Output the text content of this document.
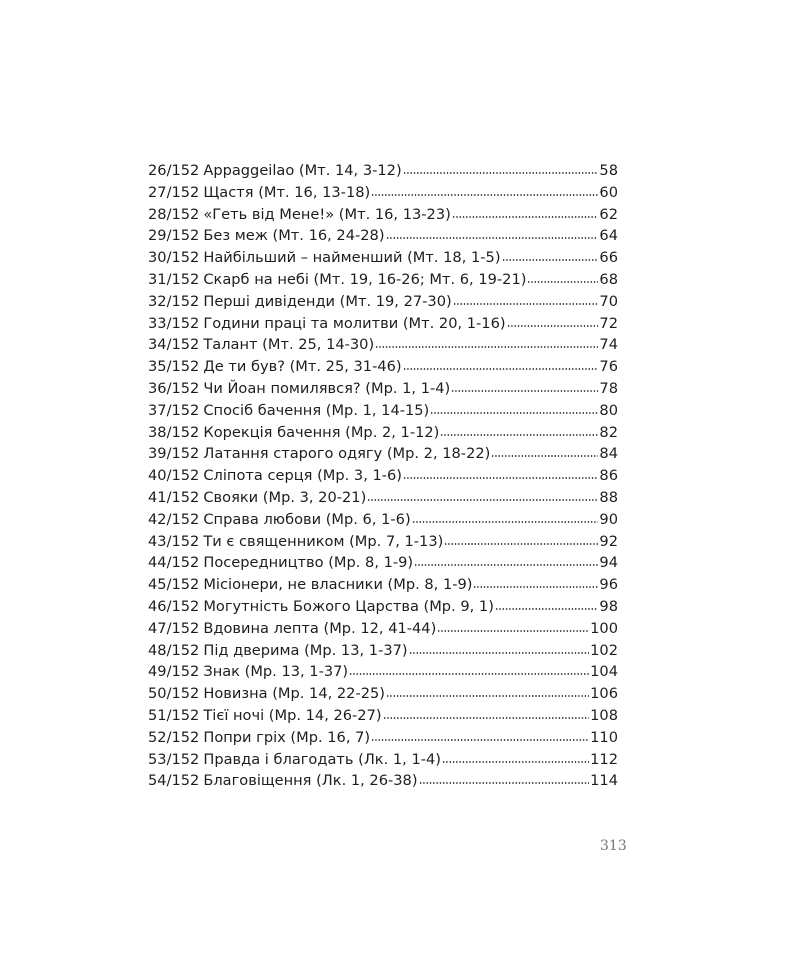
26/152 Appaggeilao (Мт. 14, 3-12)	58
27/152 Щастя (Мт. 16, 13-18)	60
28/152 «Геть від Мене!» (Мт. 16, 13-23)	62
29/152 Без меж (Мт. 16, 24-28)	64
30/152 Найбільший – найменший (Мт. 18, 1-5)	66
31/152 Скарб на небі (Мт. 19, 16-26; Мт. 6, 19-21)	68
32/152 Перші дивіденди (Мт. 19, 27-30)	70
33/152 Години праці та молитви (Мт. 20, 1-16)	72
34/152 Талант (Мт. 25, 14-30)	74
35/152 Де ти був? (Мт. 25, 31-46)	76
36/152 Чи Йоан помилявся? (Мр. 1, 1-4)	78
37/152 Спосіб бачення (Мр. 1, 14-15)	80
38/152 Корекція бачення (Мр. 2, 1-12)	82
39/152 Латання старого одягу (Мр. 2, 18-22)	84
40/152 Сліпота серця (Мр. 3, 1-6)	86
41/152 Свояки (Мр. 3, 20-21)	88
42/152 Справа любови (Мр. 6, 1-6)	90
43/152 Ти є священником (Мр. 7, 1-13)	92
44/152 Посередництво (Мр. 8, 1-9)	94
45/152 Місіонери, не власники (Мр. 8, 1-9)	96
46/152 Могутність Божого Царства (Мр. 9, 1)	98
47/152 Вдовина лепта (Мр. 12, 41-44)	100
48/152 Під дверима (Мр. 13, 1-37)	102
49/152 Знак (Мр. 13, 1-37)	104
50/152 Новизна (Мр. 14, 22-25)	106
51/152 Тієї ночі (Мр. 14, 26-27)	108
52/152 Попри гріх (Мр. 16, 7)	110
53/152 Правда і благодать (Лк. 1, 1-4)	112
54/152 Благовіщення (Лк. 1, 26-38)	114
313
